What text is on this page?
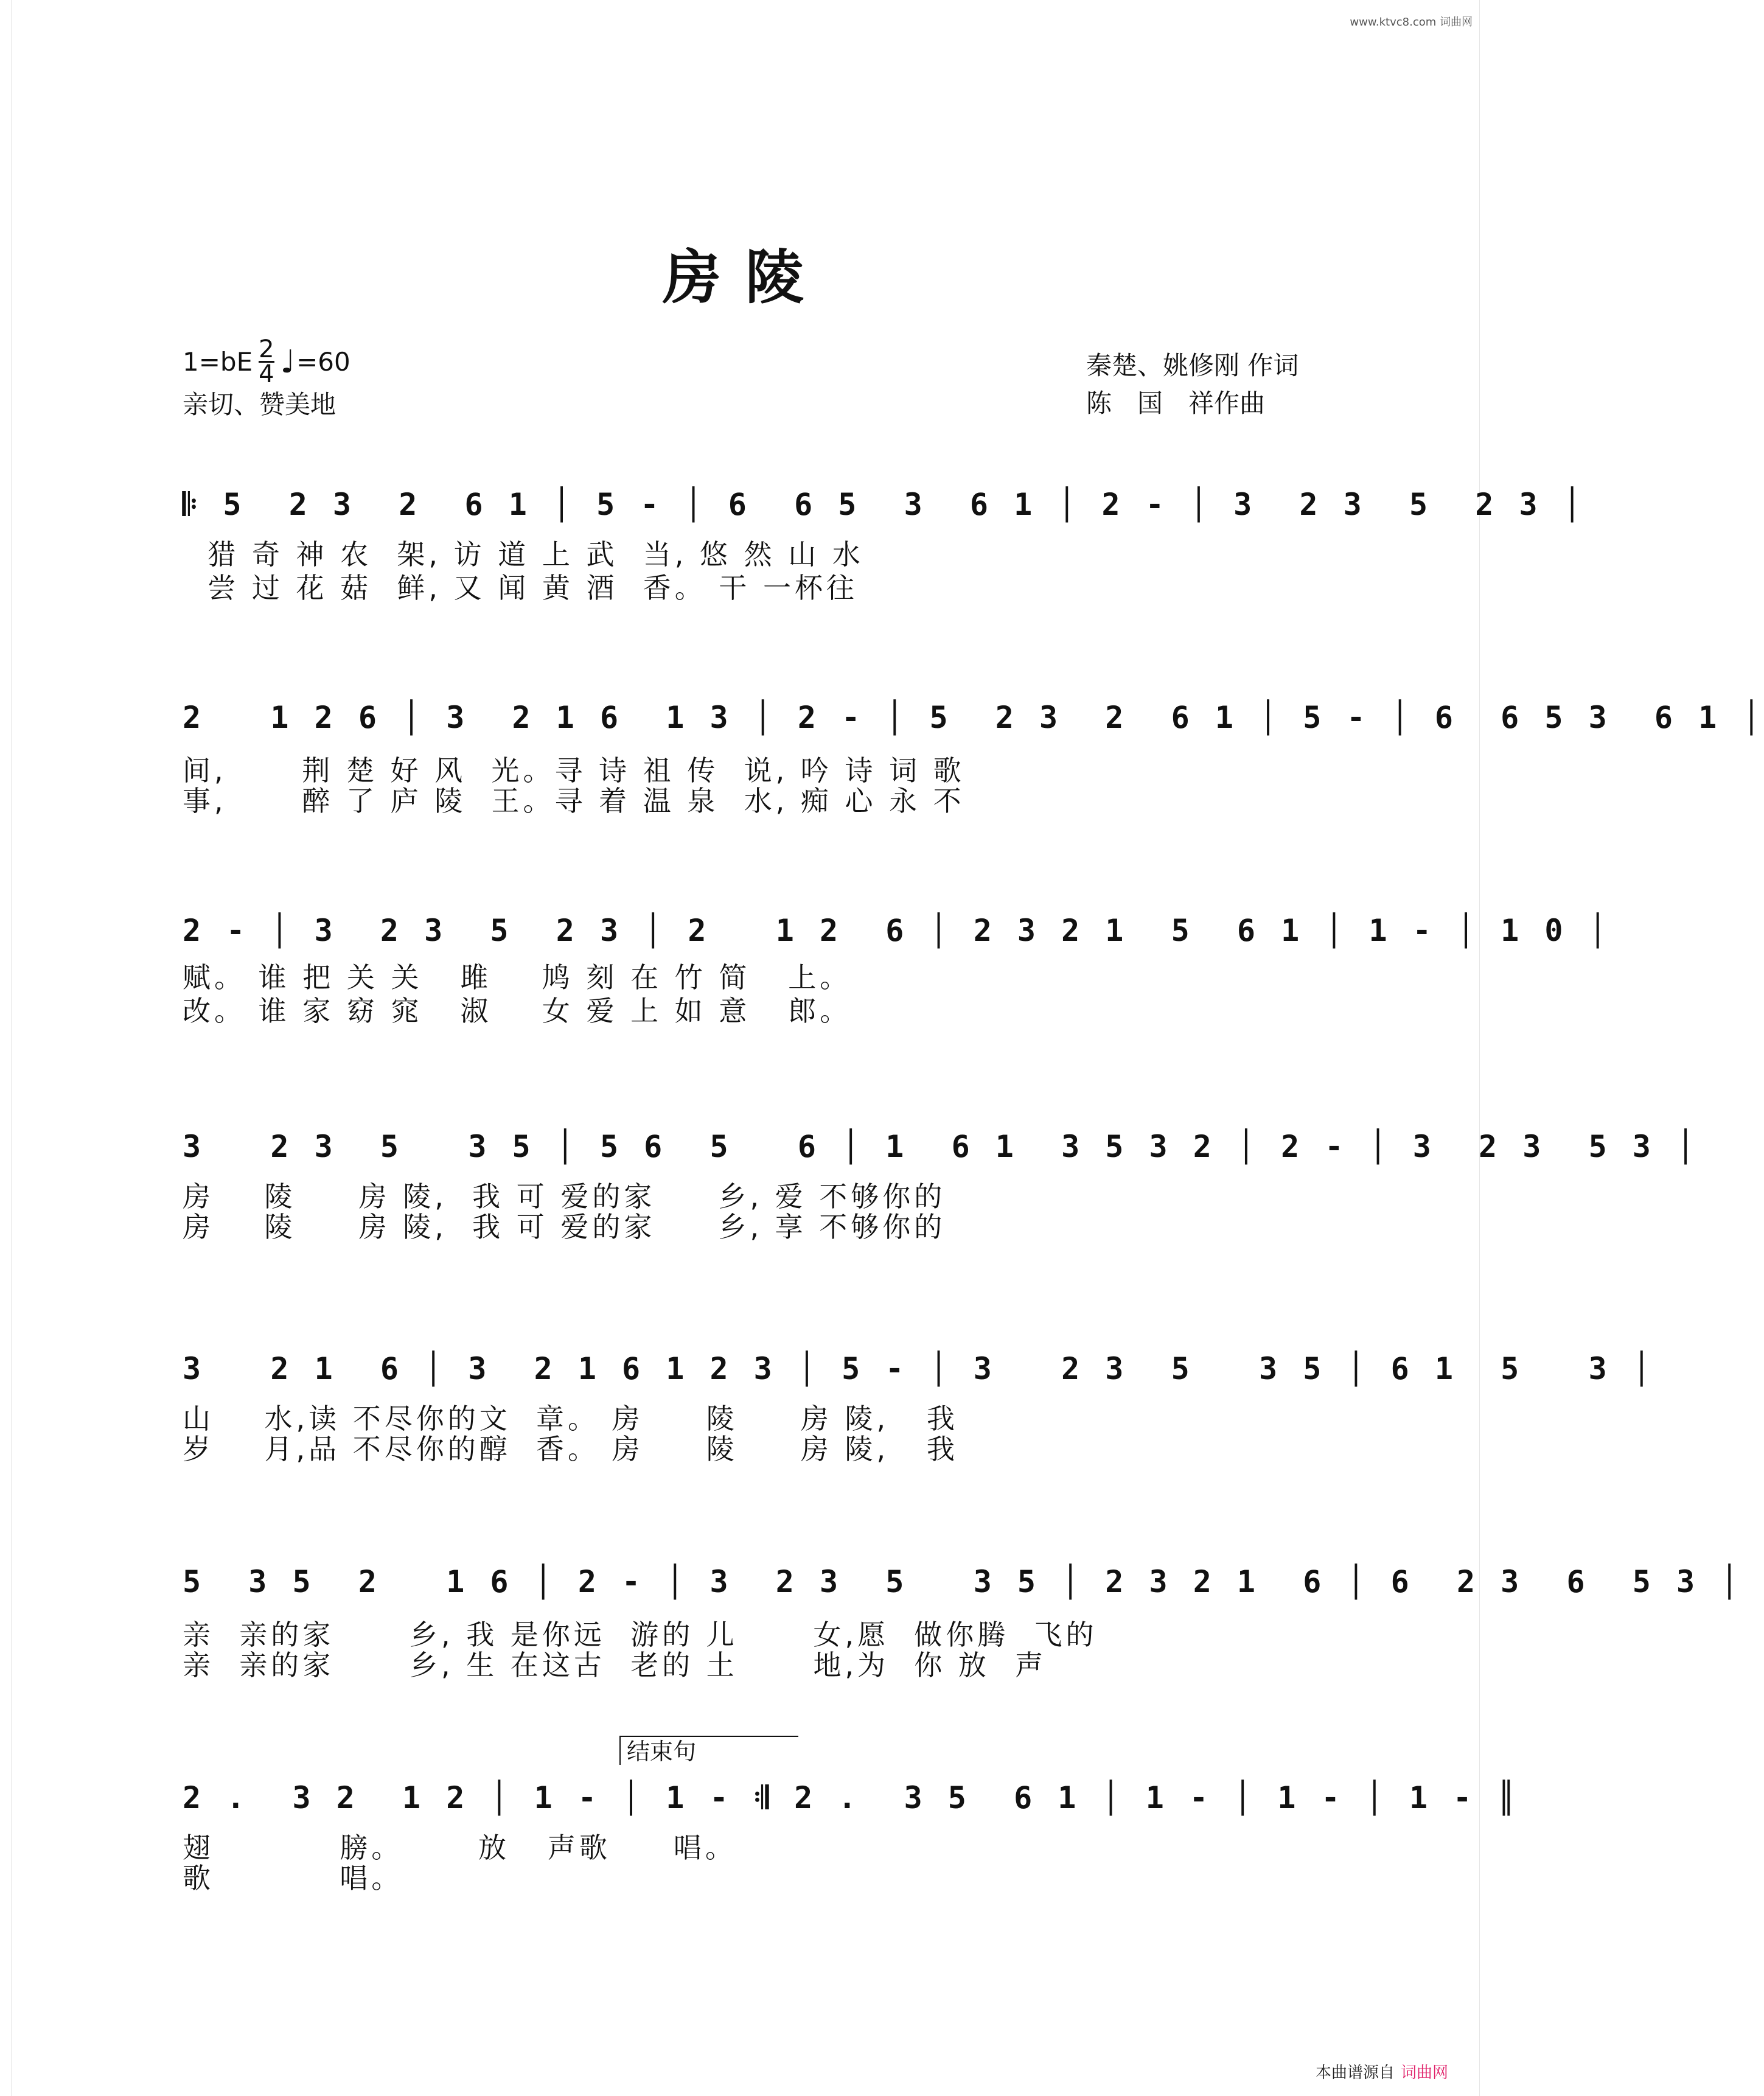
www.ktvc8.com 词曲网
房陵
1=bE 2
4 ♩ =60
亲切、赞美地
秦楚、姚修刚 作词
陈　国　祥作曲
𝄆 5  2 3  2  6 1 │ 5 - │ 6  6 5  3  6 1 │ 2 - │ 3  2 3  5  2 3 │
猎 奇 神 农  架, 访 道 上 武  当, 悠 然 山 水
尝 过 花 菇  鲜, 又 闻 黄 酒  香。 干 一杯往
2   1 2 6 │ 3  2 1 6  1 3 │ 2 - │ 5  2 3  2  6 1 │ 5 - │ 6  6 5 3  6 1 │
间,      荆 楚 好 风  光。寻 诗 祖 传  说, 吟 诗 词 歌
事,      醉 了 庐 陵  王。寻 着 温 泉  水, 痴 心 永 不
2 - │ 3  2 3  5  2 3 │ 2   1 2  6 │ 2 3 2 1  5  6 1 │ 1 - │ 1 0 │
赋。 谁 把 关 关   雎    鸠 刻 在 竹 简   上。
改。 谁 家 窈 窕   淑    女 爱 上 如 意   郎。
3   2 3  5   3 5 │ 5 6  5   6 │ 1  6 1  3 5 3 2 │ 2 - │ 3  2 3  5 3 │
房    陵     房 陵,  我 可 爱的家     乡, 爱 不够你的
房    陵     房 陵,  我 可 爱的家     乡, 享 不够你的
3   2 1  6 │ 3  2 1 6 1 2 3 │ 5 - │ 3   2 3  5   3 5 │ 6 1  5   3 │
山    水,读 不尽你的文  章。 房     陵     房 陵,   我
岁    月,品 不尽你的醇  香。 房     陵     房 陵,   我
5  3 5  2   1 6 │ 2 - │ 3  2 3  5   3 5 │ 2 3 2 1  6 │ 6  2 3  6  5 3 │
亲  亲的家      乡, 我 是你远  游的 儿      女,愿  做你腾  飞的
亲  亲的家      乡, 生 在这古  老的 土      地,为  你 放  声
结束句
2 .  3 2  1 2 │ 1 - │ 1 - 𝄇 2 .  3 5  6 1 │ 1 - │ 1 - │ 1 - ║
翅          膀。      放   声歌     唱。
歌          唱。
本曲谱源自 词曲网
